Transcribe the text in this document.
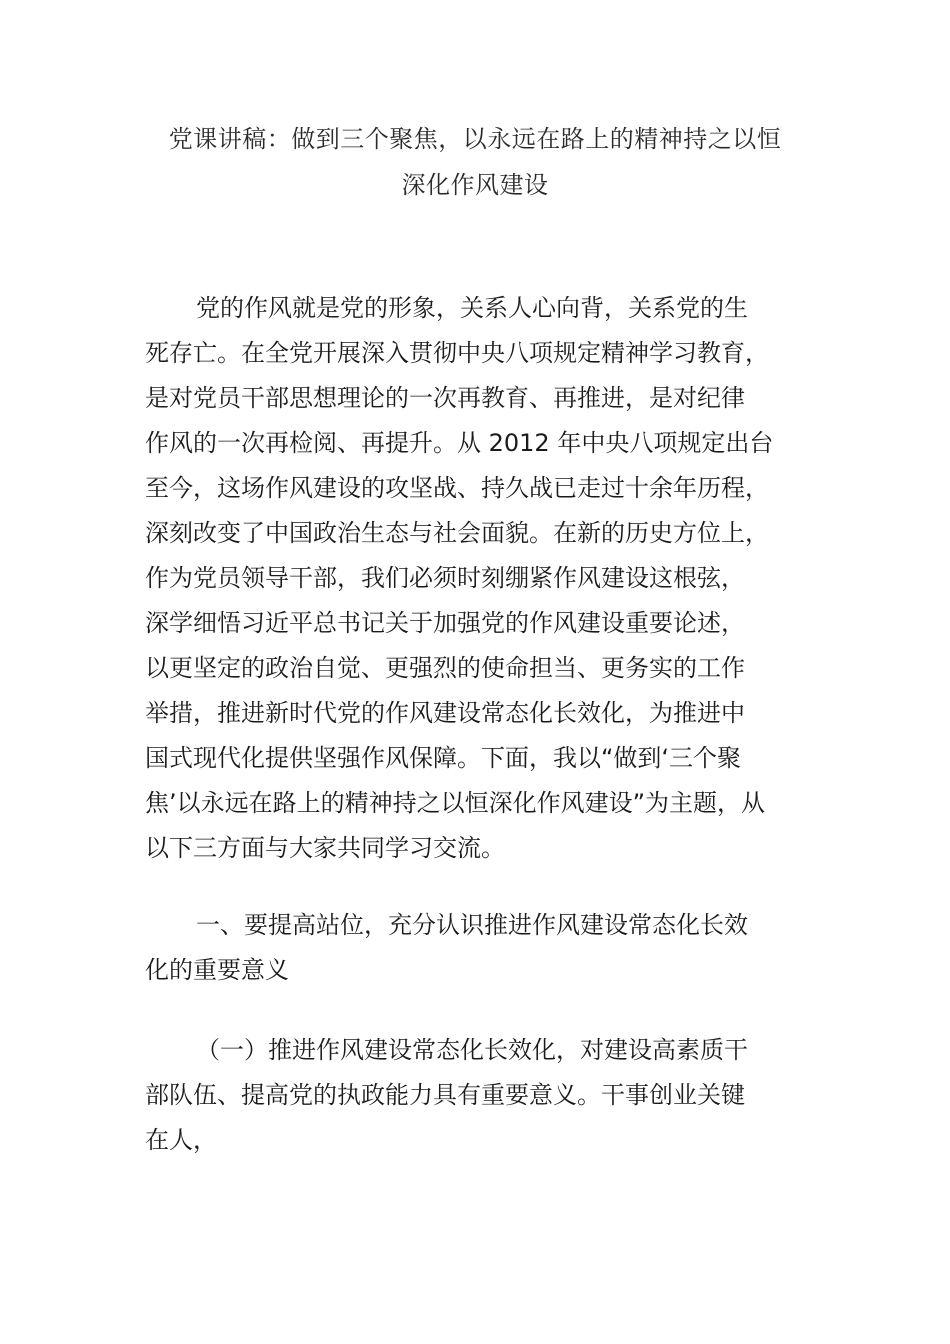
党课讲稿：做到三个聚焦，以永远在路上的精神持之以恒
深化作风建设

党的作风就是党的形象，关系人心向背，关系党的生

死存亡。在全党开展深入贯彻中央八项规定精神学习教育，

是对党员干部思想理论的一次再教育、再推进，是对纪律

作风的一次再检阅、再提升。从 2012 年中央八项规定出台

至今，这场作风建设的攻坚战、持久战已走过十余年历程，

深刻改变了中国政治生态与社会面貌。在新的历史方位上，

作为党员领导干部，我们必须时刻绷紧作风建设这根弦，

深学细悟习近平总书记关于加强党的作风建设重要论述，

以更坚定的政治自觉、更强烈的使命担当、更务实的工作

举措，推进新时代党的作风建设常态化长效化，为推进中

国式现代化提供坚强作风保障。下面，我以“做到‘三个聚

焦’以永远在路上的精神持之以恒深化作风建设”为主题，从

以下三方面与大家共同学习交流。

一、要提高站位，充分认识推进作风建设常态化长效

化的重要意义

（一）推进作风建设常态化长效化，对建设高素质干

部队伍、提高党的执政能力具有重要意义。干事创业关键

在人，
